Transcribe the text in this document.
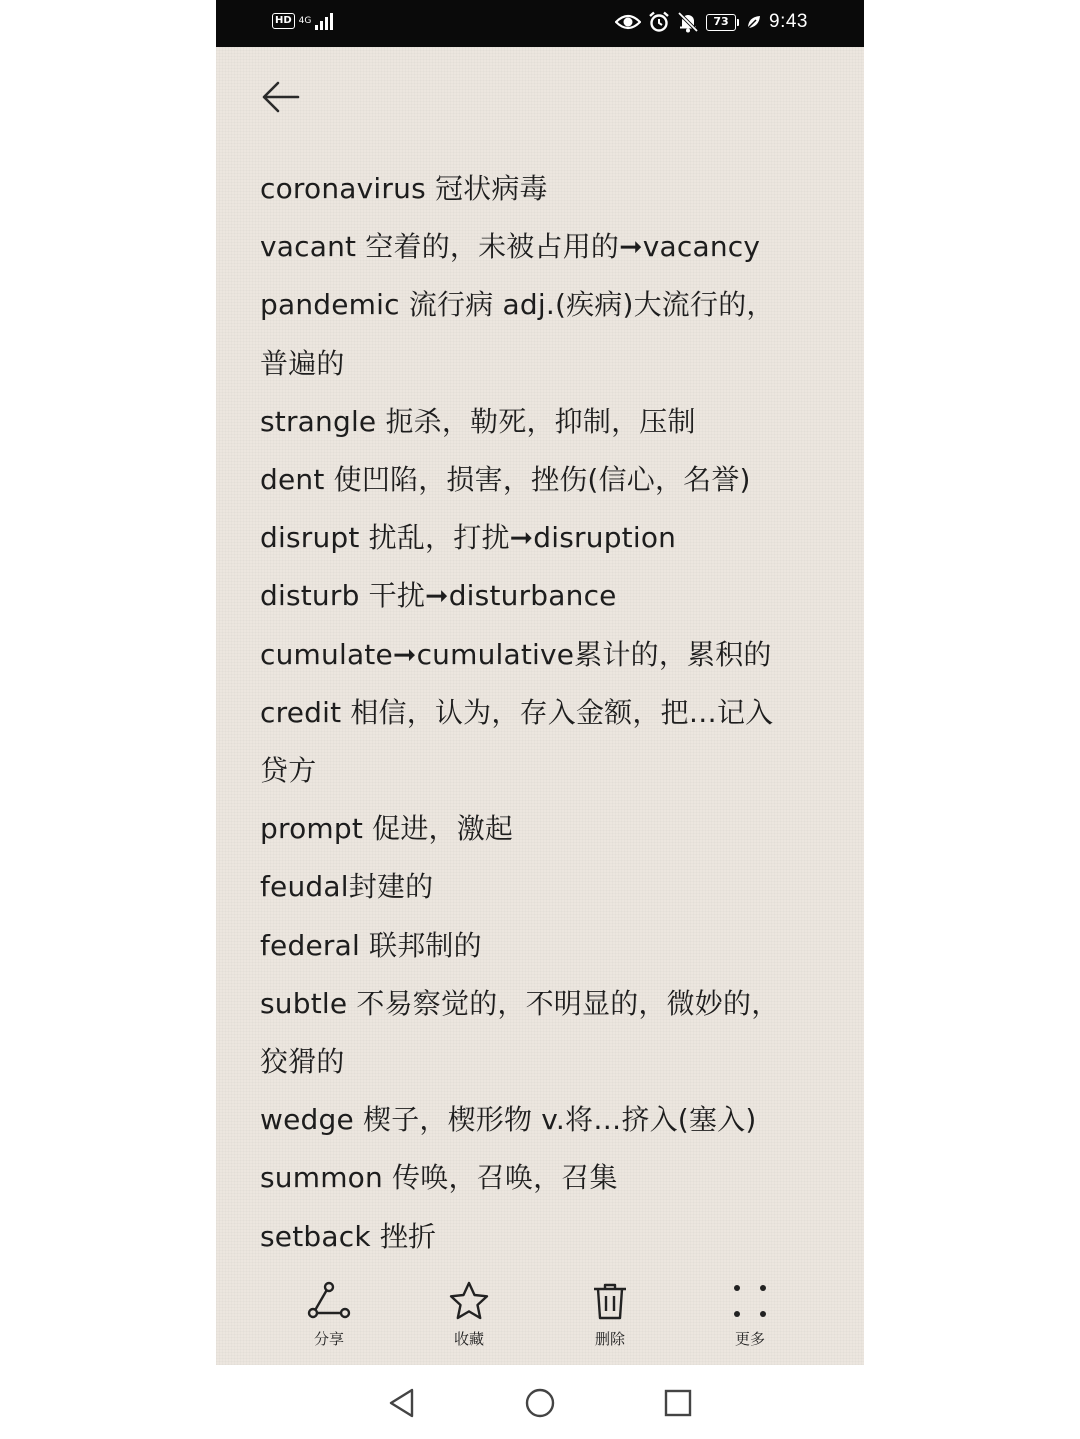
HD 4G	73	9:43
coronavirus 冠状病毒
vacant 空着的，未被占用的➞vacancy
pandemic 流行病 adj.(疾病)大流行的，
普遍的
strangle 扼杀，勒死，抑制，压制
dent 使凹陷，损害，挫伤(信心，名誉)
disrupt 扰乱，打扰➞disruption
disturb 干扰➞disturbance
cumulate➞cumulative累计的，累积的
credit 相信，认为，存入金额，把…记入
贷方
prompt 促进，激起
feudal封建的
federal 联邦制的
subtle 不易察觉的，不明显的，微妙的，
狡猾的
wedge 楔子，楔形物 v.将…挤入(塞入)
summon 传唤，召唤，召集
setback 挫折
分享	收藏	删除	更多
